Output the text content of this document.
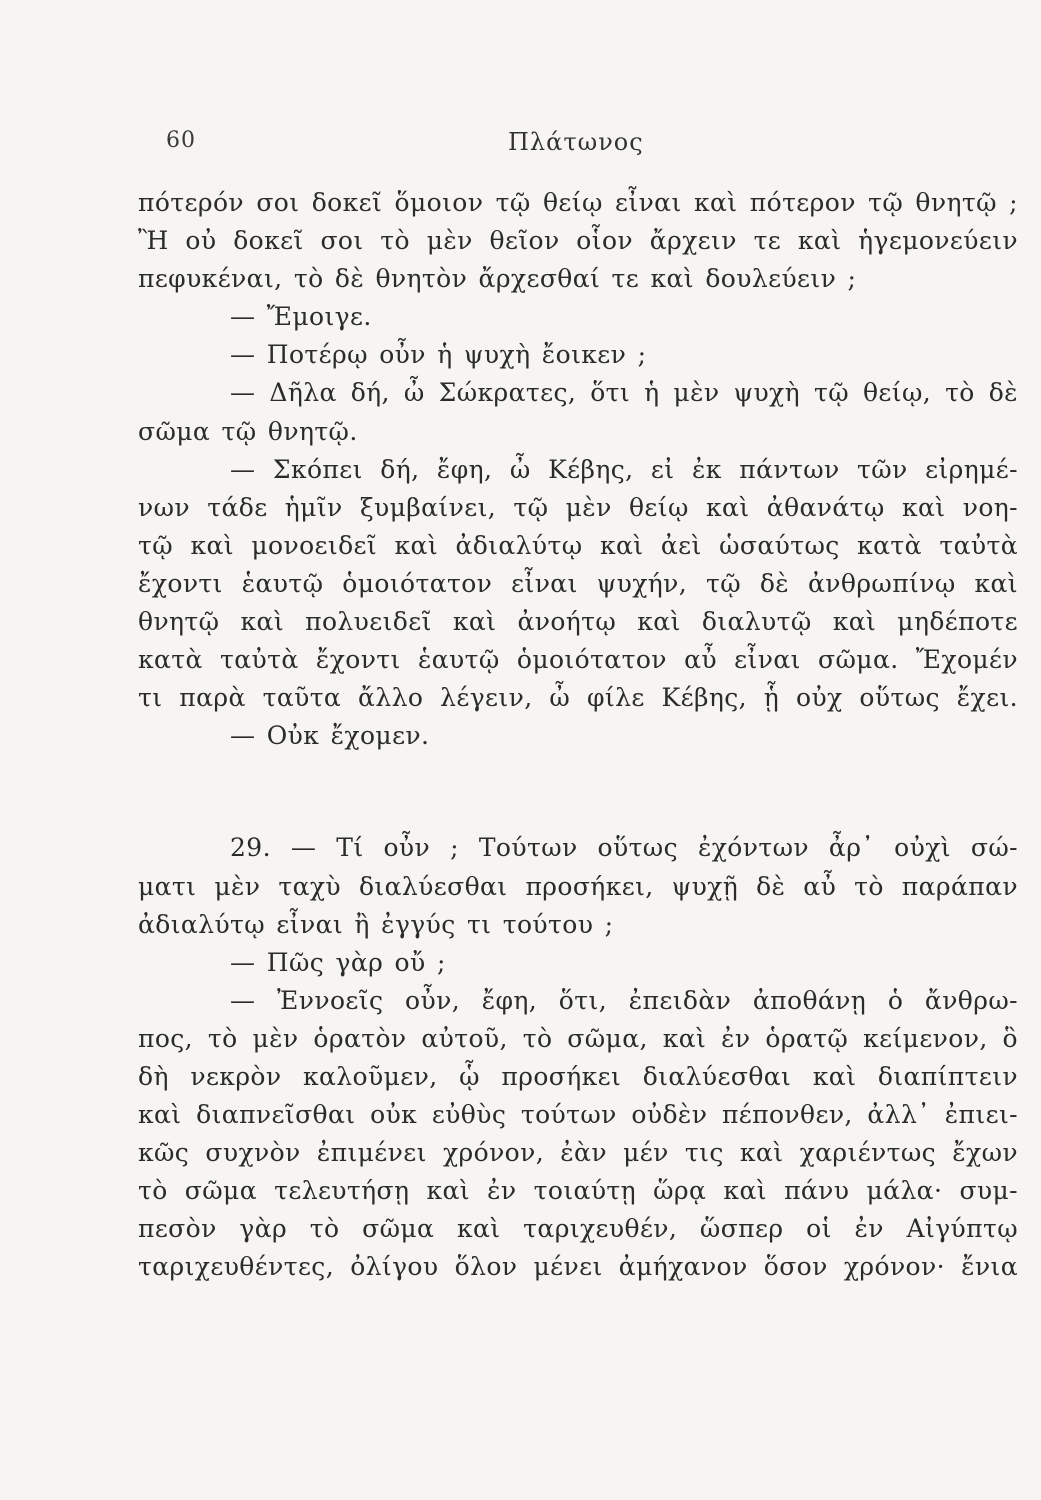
60	Πλάτωνος
πότερόν σοι δοκεῖ ὅμοιον τῷ θείῳ εἶναι καὶ πότερον τῷ θνητῷ ;
Ἢ οὐ δοκεῖ σοι τὸ μὲν θεῖον οἷον ἄρχειν τε καὶ ἡγεμονεύειν
πεφυκέναι, τὸ δὲ θνητὸν ἄρχεσθαί τε καὶ δουλεύειν ;
— Ἔμοιγε.
— Ποτέρῳ οὖν ἡ ψυχὴ ἔοικεν ;
— Δῆλα δή, ὦ Σώκρατες, ὅτι ἡ μὲν ψυχὴ τῷ θείῳ, τὸ δὲ
σῶμα τῷ θνητῷ.
— Σκόπει δή, ἔφη, ὦ Κέβης, εἰ ἐκ πάντων τῶν εἰρημέ-
νων τάδε ἡμῖν ξυμβαίνει, τῷ μὲν θείῳ καὶ ἀθανάτῳ καὶ νοη-
τῷ καὶ μονοειδεῖ καὶ ἀδιαλύτῳ καὶ ἀεὶ ὡσαύτως κατὰ ταὐτὰ
ἔχοντι ἑαυτῷ ὁμοιότατον εἶναι ψυχήν, τῷ δὲ ἀνθρωπίνῳ καὶ
θνητῷ καὶ πολυειδεῖ καὶ ἀνοήτῳ καὶ διαλυτῷ καὶ μηδέποτε
κατὰ ταὐτὰ ἔχοντι ἑαυτῷ ὁμοιότατον αὖ εἶναι σῶμα. Ἔχομέν
τι παρὰ ταῦτα ἄλλο λέγειν, ὦ φίλε Κέβης, ᾗ οὐχ οὕτως ἔχει.
— Οὐκ ἔχομεν.
29. — Τί οὖν ; Τούτων οὕτως ἐχόντων ἆρ᾽ οὐχὶ σώ-
ματι μὲν ταχὺ διαλύεσθαι προσήκει, ψυχῇ δὲ αὖ τὸ παράπαν
ἀδιαλύτῳ εἶναι ἢ ἐγγύς τι τούτου ;
— Πῶς γὰρ οὔ ;
— Ἐννοεῖς οὖν, ἔφη, ὅτι, ἐπειδὰν ἀποθάνῃ ὁ ἄνθρω-
πος, τὸ μὲν ὁρατὸν αὐτοῦ, τὸ σῶμα, καὶ ἐν ὁρατῷ κείμενον, ὃ
δὴ νεκρὸν καλοῦμεν, ᾧ προσήκει διαλύεσθαι καὶ διαπίπτειν
καὶ διαπνεῖσθαι οὐκ εὐθὺς τούτων οὐδὲν πέπονθεν, ἀλλ᾽ ἐπιει-
κῶς συχνὸν ἐπιμένει χρόνον, ἐὰν μέν τις καὶ χαριέντως ἔχων
τὸ σῶμα τελευτήσῃ καὶ ἐν τοιαύτῃ ὥρᾳ καὶ πάνυ μάλα· συμ-
πεσὸν γὰρ τὸ σῶμα καὶ ταριχευθέν, ὥσπερ οἱ ἐν Αἰγύπτῳ
ταριχευθέντες, ὀλίγου ὅλον μένει ἀμήχανον ὅσον χρόνον· ἔνια
